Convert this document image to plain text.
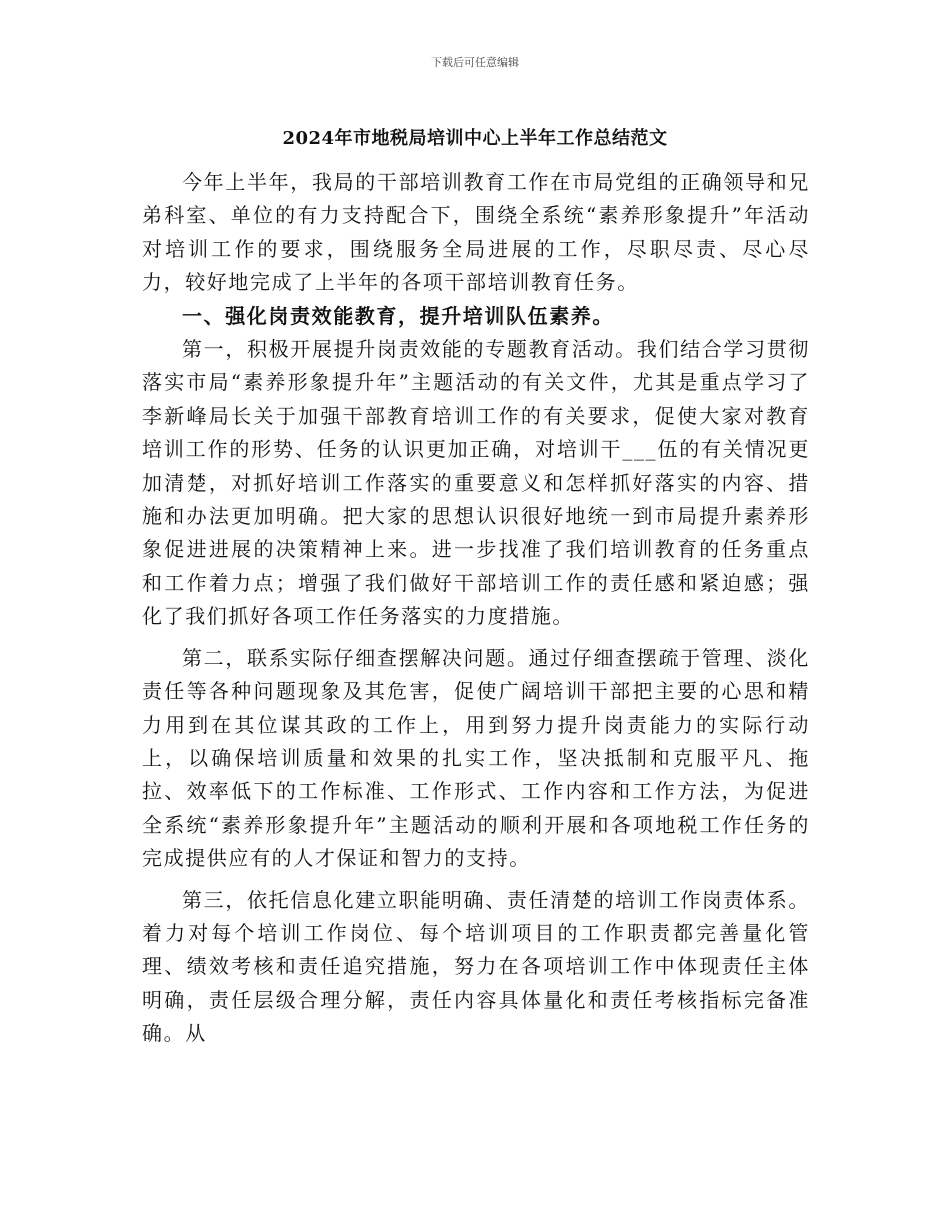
下载后可任意编辑
2024年市地税局培训中心上半年工作总结范文

今年上半年，我局的干部培训教育工作在市局党组的正确领导和兄弟科室、单位的有力支持配合下，围绕全系统“素养形象提升”年活动对培训工作的要求，围绕服务全局进展的工作，尽职尽责、尽心尽力，较好地完成了上半年的各项干部培训教育任务。

一、强化岗责效能教育，提升培训队伍素养。

第一，积极开展提升岗责效能的专题教育活动。我们结合学习贯彻落实市局“素养形象提升年”主题活动的有关文件，尤其是重点学习了李新峰局长关于加强干部教育培训工作的有关要求，促使大家对教育培训工作的形势、任务的认识更加正确，对培训干___伍的有关情况更加清楚，对抓好培训工作落实的重要意义和怎样抓好落实的内容、措施和办法更加明确。把大家的思想认识很好地统一到市局提升素养形象促进进展的决策精神上来。进一步找准了我们培训教育的任务重点和工作着力点；增强了我们做好干部培训工作的责任感和紧迫感；强化了我们抓好各项工作任务落实的力度措施。

第二，联系实际仔细查摆解决问题。通过仔细查摆疏于管理、淡化责任等各种问题现象及其危害，促使广阔培训干部把主要的心思和精力用到在其位谋其政的工作上，用到努力提升岗责能力的实际行动上，以确保培训质量和效果的扎实工作，坚决抵制和克服平凡、拖拉、效率低下的工作标准、工作形式、工作内容和工作方法，为促进全系统“素养形象提升年”主题活动的顺利开展和各项地税工作任务的完成提供应有的人才保证和智力的支持。

第三，依托信息化建立职能明确、责任清楚的培训工作岗责体系。着力对每个培训工作岗位、每个培训项目的工作职责都完善量化管理、绩效考核和责任追究措施，努力在各项培训工作中体现责任主体明确，责任层级合理分解，责任内容具体量化和责任考核指标完备准确。从
